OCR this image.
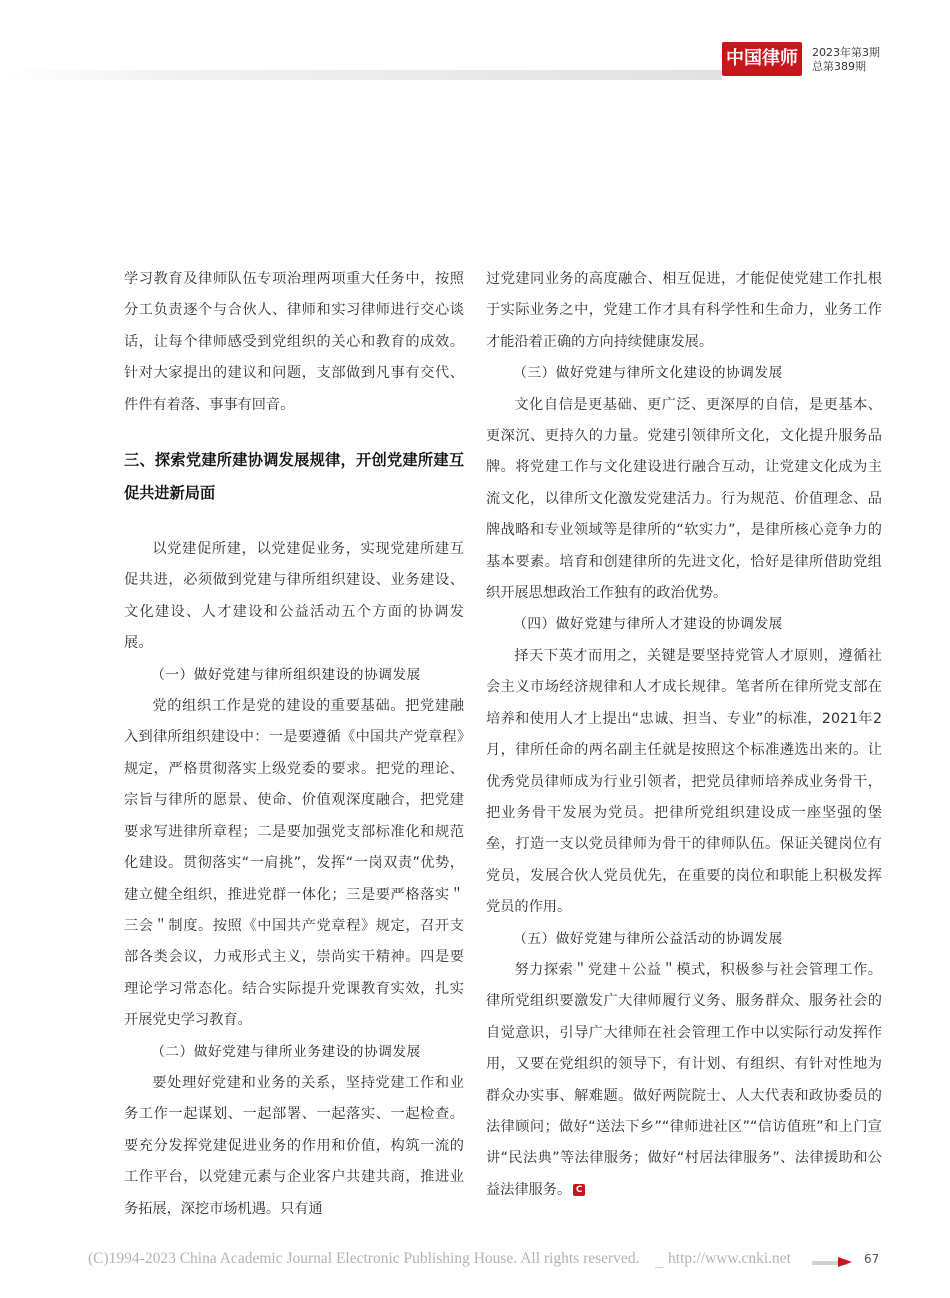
中国律师	2023年第3期
总第389期

学习教育及律师队伍专项治理两项重大任务中，按照分工负责逐个与合伙人、律师和实习律师进行交心谈话，让每个律师感受到党组织的关心和教育的成效。针对大家提出的建议和问题，支部做到凡事有交代、件件有着落、事事有回音。

三、探索党建所建协调发展规律，开创党建所建互促共进新局面

以党建促所建，以党建促业务，实现党建所建互促共进，必须做到党建与律所组织建设、业务建设、文化建设、人才建设和公益活动五个方面的协调发展。

（一）做好党建与律所组织建设的协调发展

党的组织工作是党的建设的重要基础。把党建融入到律所组织建设中：一是要遵循《中国共产党章程》规定，严格贯彻落实上级党委的要求。把党的理论、宗旨与律所的愿景、使命、价值观深度融合，把党建要求写进律所章程；二是要加强党支部标准化和规范化建设。贯彻落实“一肩挑”，发挥“一岗双责”优势，建立健全组织，推进党群一体化；三是要严格落实＂三会＂制度。按照《中国共产党章程》规定，召开支部各类会议，力戒形式主义，崇尚实干精神。四是要理论学习常态化。结合实际提升党课教育实效，扎实开展党史学习教育。

（二）做好党建与律所业务建设的协调发展

要处理好党建和业务的关系，坚持党建工作和业务工作一起谋划、一起部署、一起落实、一起检查。要充分发挥党建促进业务的作用和价值，构筑一流的工作平台，以党建元素与企业客户共建共商，推进业务拓展，深挖市场机遇。只有通

过党建同业务的高度融合、相互促进，才能促使党建工作扎根于实际业务之中，党建工作才具有科学性和生命力，业务工作才能沿着正确的方向持续健康发展。

（三）做好党建与律所文化建设的协调发展

文化自信是更基础、更广泛、更深厚的自信，是更基本、更深沉、更持久的力量。党建引领律所文化，文化提升服务品牌。将党建工作与文化建设进行融合互动，让党建文化成为主流文化，以律所文化激发党建活力。行为规范、价值理念、品牌战略和专业领域等是律所的“软实力”，是律所核心竞争力的基本要素。培育和创建律所的先进文化，恰好是律所借助党组织开展思想政治工作独有的政治优势。

（四）做好党建与律所人才建设的协调发展

择天下英才而用之，关键是要坚持党管人才原则，遵循社会主义市场经济规律和人才成长规律。笔者所在律所党支部在培养和使用人才上提出“忠诚、担当、专业”的标准，2021年2月，律所任命的两名副主任就是按照这个标准遴选出来的。让优秀党员律师成为行业引领者，把党员律师培养成业务骨干，把业务骨干发展为党员。把律所党组织建设成一座坚强的堡垒，打造一支以党员律师为骨干的律师队伍。保证关键岗位有党员，发展合伙人党员优先，在重要的岗位和职能上积极发挥党员的作用。

（五）做好党建与律所公益活动的协调发展

努力探索＂党建＋公益＂模式，积极参与社会管理工作。律所党组织要激发广大律师履行义务、服务群众、服务社会的自觉意识，引导广大律师在社会管理工作中以实际行动发挥作用，又要在党组织的领导下，有计划、有组织、有针对性地为群众办实事、解难题。做好两院院士、人大代表和政协委员的法律顾问；做好“送法下乡”“律师进社区”“信访值班”和上门宣讲“民法典”等法律服务；做好“村居法律服务”、法律援助和公益法律服务。 C

(C)1994-2023 China Academic Journal Electronic Publishing House. All rights reserved. http://www.cnki.net	67
